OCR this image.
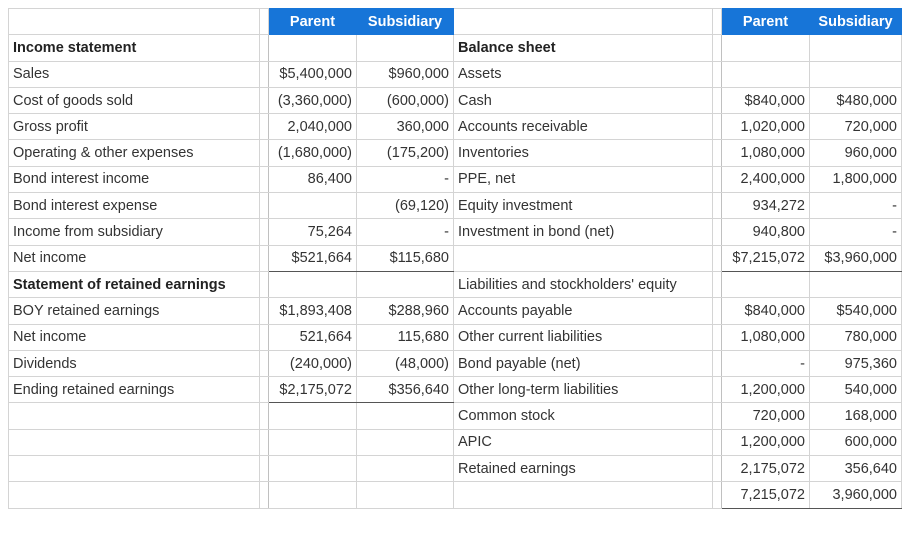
		Parent	Subsidiary			Parent	Subsidiary
Income statement				Balance sheet			
Sales		$5,400,000	$960,000	Assets			
Cost of goods sold		(3,360,000)	(600,000)	Cash		$840,000	$480,000
Gross profit		2,040,000	360,000	Accounts receivable		1,020,000	720,000
Operating & other expenses		(1,680,000)	(175,200)	Inventories		1,080,000	960,000
Bond interest income		86,400	-	PPE, net		2,400,000	1,800,000
Bond interest expense			(69,120)	Equity investment		934,272	-
Income from subsidiary		75,264	-	Investment in bond (net)		940,800	-
Net income		$521,664	$115,680			$7,215,072	$3,960,000
Statement of retained earnings				Liabilities and stockholders' equity			
BOY retained earnings		$1,893,408	$288,960	Accounts payable		$840,000	$540,000
Net income		521,664	115,680	Other current liabilities		1,080,000	780,000
Dividends		(240,000)	(48,000)	Bond payable (net)		-	975,360
Ending retained earnings		$2,175,072	$356,640	Other long-term liabilities		1,200,000	540,000
				Common stock		720,000	168,000
				APIC		1,200,000	600,000
				Retained earnings		2,175,072	356,640
						7,215,072	3,960,000
